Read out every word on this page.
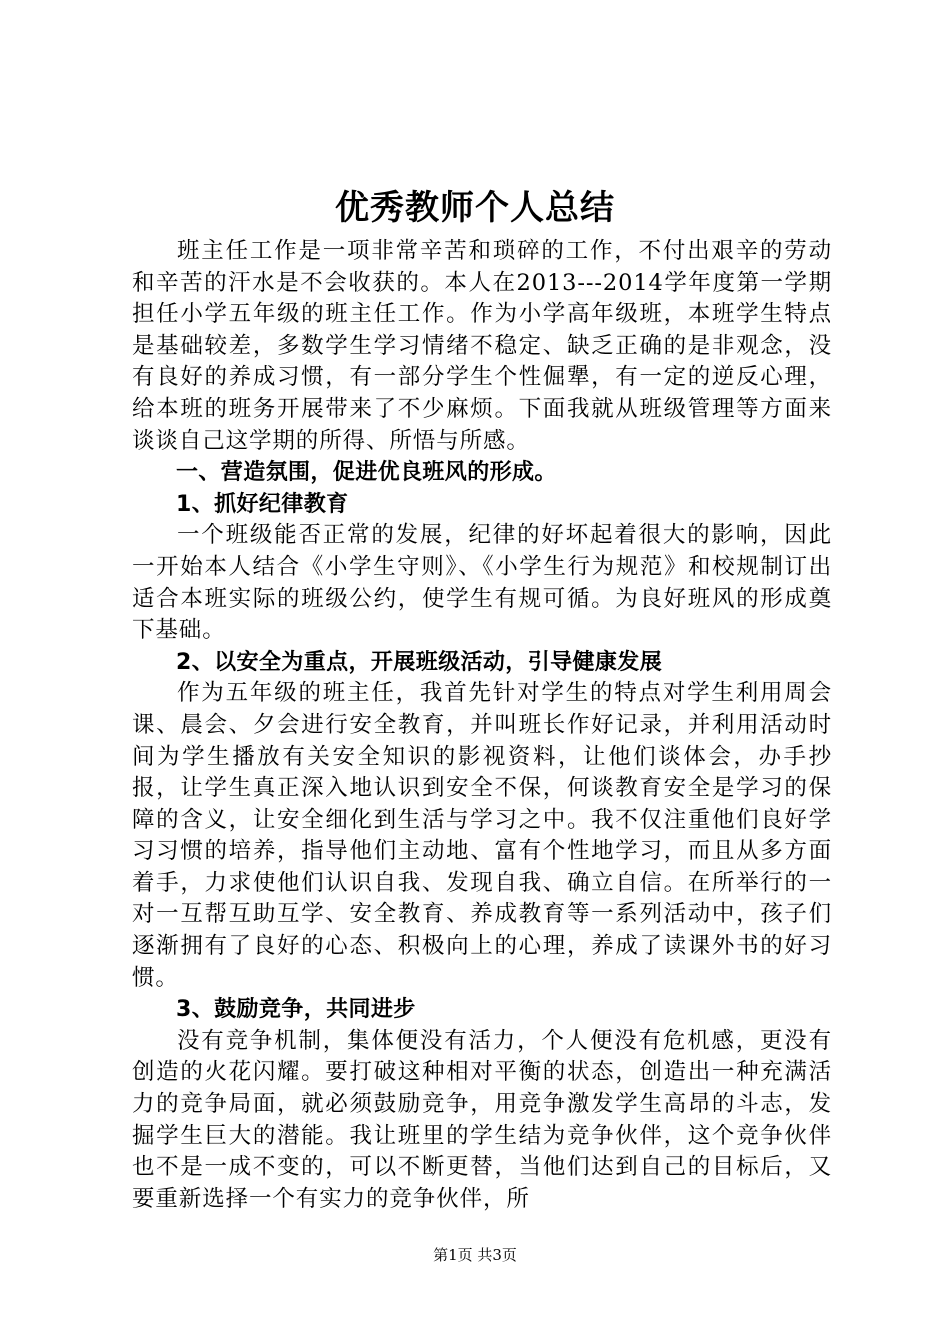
优秀教师个人总结

班主任工作是一项非常辛苦和琐碎的工作，不付出艰辛的劳动和辛苦的汗水是不会收获的。本人在2013---2014学年度第一学期担任小学五年级的班主任工作。作为小学高年级班，本班学生特点是基础较差，多数学生学习情绪不稳定、缺乏正确的是非观念，没有良好的养成习惯，有一部分学生个性倔犟，有一定的逆反心理，给本班的班务开展带来了不少麻烦。下面我就从班级管理等方面来谈谈自己这学期的所得、所悟与所感。

一、营造氛围，促进优良班风的形成。

1、抓好纪律教育

一个班级能否正常的发展，纪律的好坏起着很大的影响，因此一开始本人结合《小学生守则》、《小学生行为规范》和校规制订出适合本班实际的班级公约，使学生有规可循。为良好班风的形成奠下基础。

2、以安全为重点，开展班级活动，引导健康发展

作为五年级的班主任，我首先针对学生的特点对学生利用周会课、晨会、夕会进行安全教育，并叫班长作好记录，并利用活动时间为学生播放有关安全知识的影视资料，让他们谈体会，办手抄报，让学生真正深入地认识到安全不保，何谈教育安全是学习的保障的含义，让安全细化到生活与学习之中。我不仅注重他们良好学习习惯的培养，指导他们主动地、富有个性地学习，而且从多方面着手，力求使他们认识自我、发现自我、确立自信。在所举行的一对一互帮互助互学、安全教育、养成教育等一系列活动中，孩子们逐渐拥有了良好的心态、积极向上的心理，养成了读课外书的好习惯。

3、鼓励竞争，共同进步

没有竞争机制，集体便没有活力，个人便没有危机感，更没有创造的火花闪耀。要打破这种相对平衡的状态，创造出一种充满活力的竞争局面，就必须鼓励竞争，用竞争激发学生高昂的斗志，发掘学生巨大的潜能。我让班里的学生结为竞争伙伴，这个竞争伙伴也不是一成不变的，可以不断更替，当他们达到自己的目标后，又要重新选择一个有实力的竞争伙伴，所

第1页 共3页
